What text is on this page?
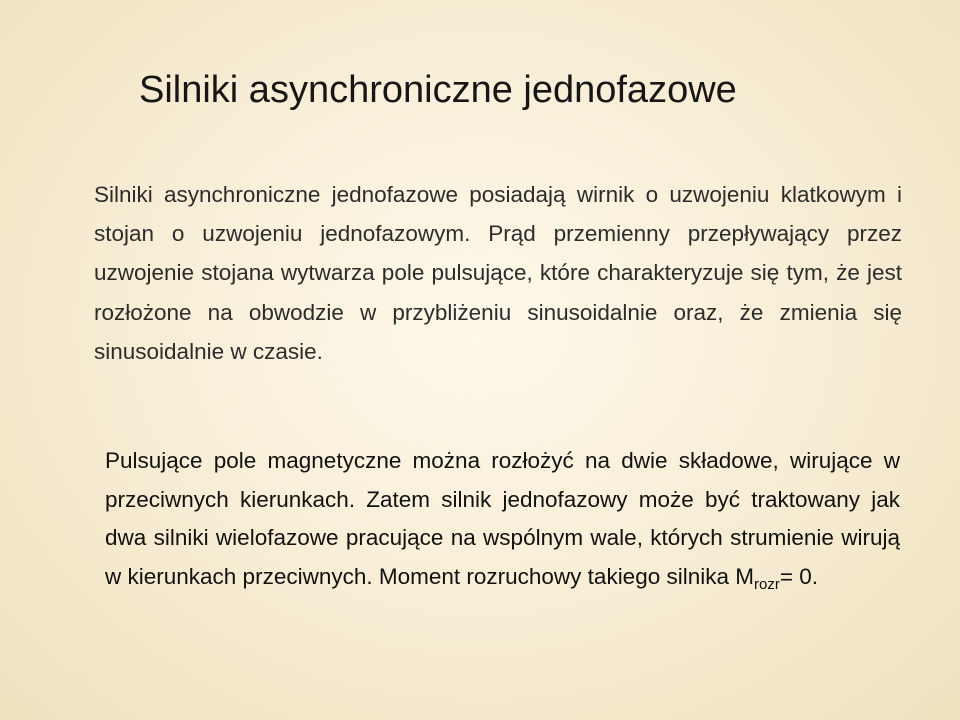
Silniki asynchroniczne jednofazowe

Silniki asynchroniczne jednofazowe posiadają wirnik o uzwojeniu klatkowym i stojan o uzwojeniu jednofazowym. Prąd przemienny przepływający przez uzwojenie stojana wytwarza pole pulsujące, które charakteryzuje się tym, że jest rozłożone na obwodzie w przybliżeniu sinusoidalnie oraz, że zmienia się sinusoidalnie w czasie.

Pulsujące pole magnetyczne można rozłożyć na dwie składowe, wirujące w przeciwnych kierunkach. Zatem silnik jednofazowy może być traktowany jak dwa silniki wielofazowe pracujące na wspólnym wale, których strumienie wirują w kierunkach przeciwnych. Moment rozruchowy takiego silnika $M_{rozr}= 0$.
